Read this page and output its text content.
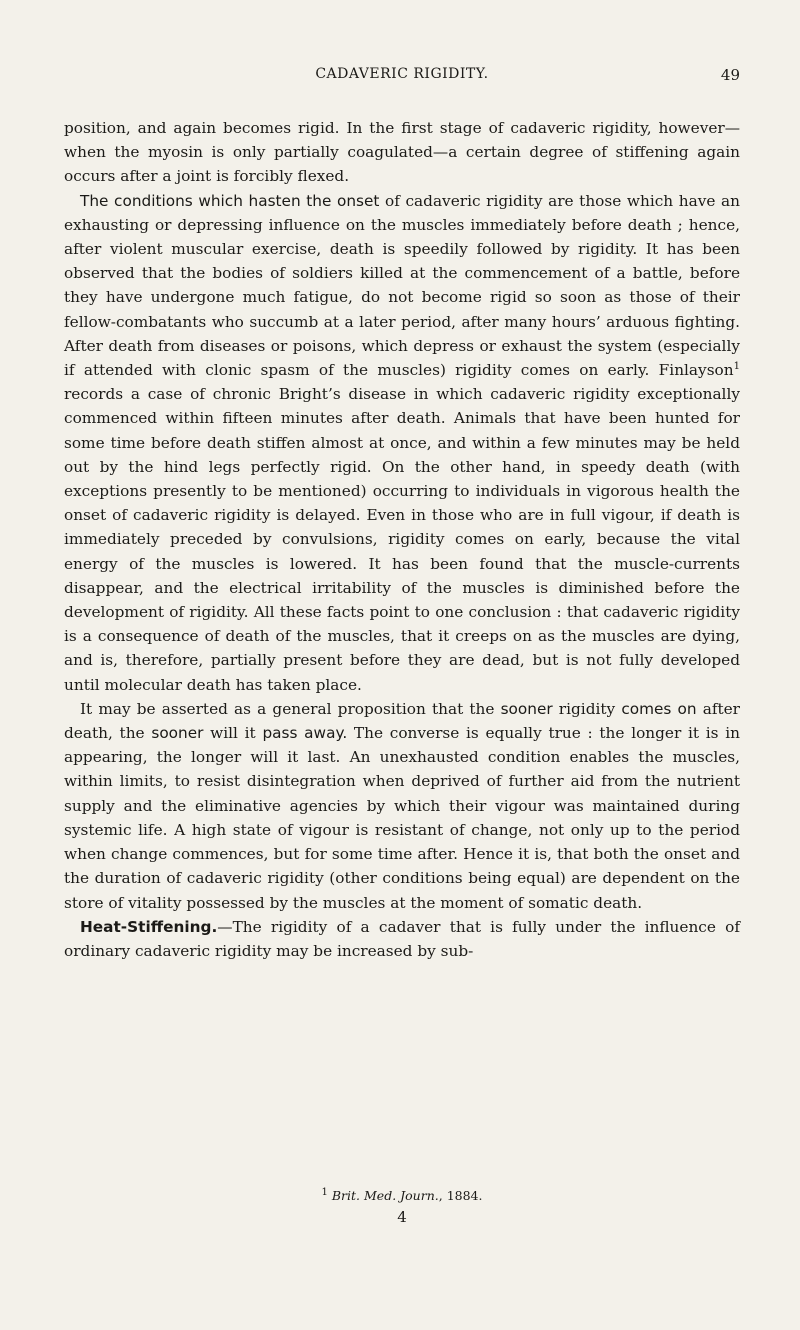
CADAVERIC RIGIDITY.	49

position, and again becomes rigid. In the first stage of cadaveric rigidity, however—when the myosin is only partially coagulated—a certain degree of stiffening again occurs after a joint is forcibly flexed.

The conditions which hasten the onset of cadaveric rigidity are those which have an exhausting or depressing influence on the muscles immediately before death ; hence, after violent muscular exercise, death is speedily followed by rigidity. It has been observed that the bodies of soldiers killed at the commencement of a battle, before they have undergone much fatigue, do not become rigid so soon as those of their fellow-combatants who succumb at a later period, after many hours’ arduous fighting. After death from diseases or poisons, which depress or exhaust the system (especially if attended with clonic spasm of the muscles) rigidity comes on early. Finlayson$^1$ records a case of chronic Bright’s disease in which cadaveric rigidity exceptionally commenced within fifteen minutes after death. Animals that have been hunted for some time before death stiffen almost at once, and within a few minutes may be held out by the hind legs perfectly rigid. On the other hand, in speedy death (with exceptions presently to be mentioned) occurring to individuals in vigorous health the onset of cadaveric rigidity is delayed. Even in those who are in full vigour, if death is immediately preceded by convulsions, rigidity comes on early, because the vital energy of the muscles is lowered. It has been found that the muscle-currents disappear, and the electrical irritability of the muscles is diminished before the development of rigidity. All these facts point to one conclusion : that cadaveric rigidity is a consequence of death of the muscles, that it creeps on as the muscles are dying, and is, therefore, partially present before they are dead, but is not fully developed until molecular death has taken place.

It may be asserted as a general proposition that the sooner rigidity comes on after death, the sooner will it pass away. The converse is equally true : the longer it is in appearing, the longer will it last. An unexhausted condition enables the muscles, within limits, to resist disintegration when deprived of further aid from the nutrient supply and the eliminative agencies by which their vigour was maintained during systemic life. A high state of vigour is resistant of change, not only up to the period when change commences, but for some time after. Hence it is, that both the onset and the duration of cadaveric rigidity (other conditions being equal) are dependent on the store of vitality possessed by the muscles at the moment of somatic death.

Heat-Stiffening.—The rigidity of a cadaver that is fully under the influence of ordinary cadaveric rigidity may be increased by sub-

$^1$ Brit. Med. Journ., 1884.
4
